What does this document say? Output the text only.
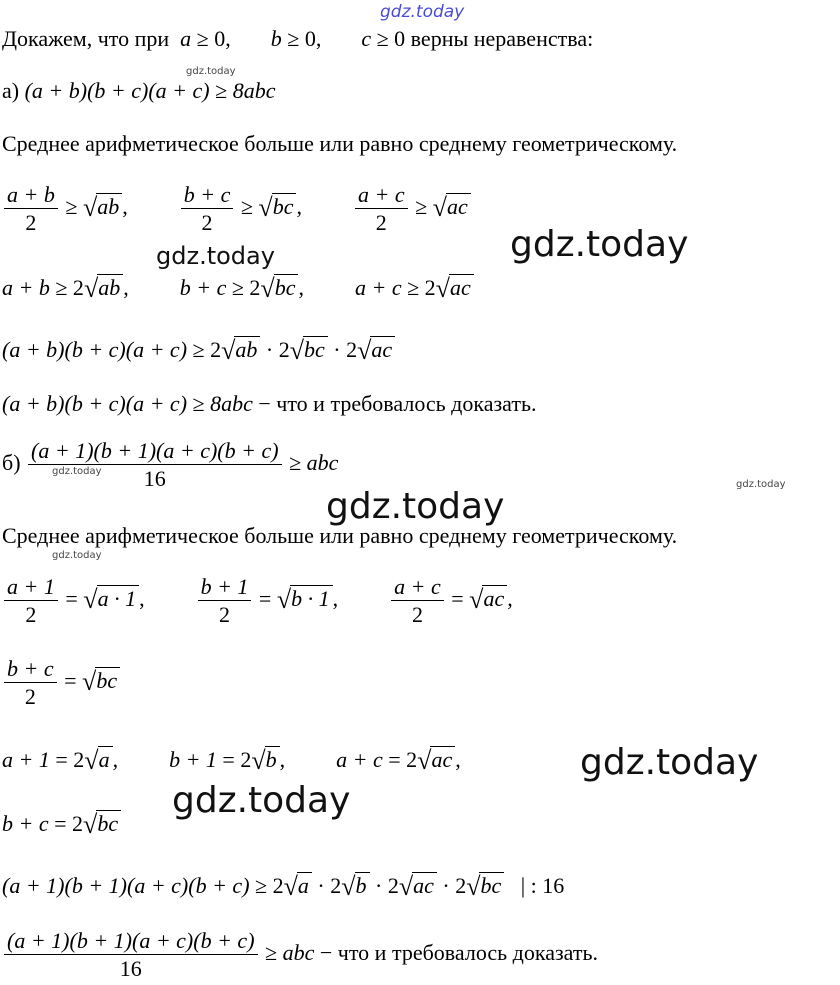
gdz.today
gdz.today
gdz.today	gdz.today
gdz.today
gdz.today
gdz.today
gdz.today
gdz.today
gdz.today
Докажем, что при a ≥ 0, b ≥ 0, c ≥ 0 верны неравенства:
а) (a + b)(b + c)(a + c) ≥ 8abc
Среднее арифметическое больше или равно среднему геометрическому.
$\frac{a + b}{2} \ge √ab$ , $\frac{b + c}{2} \ge √bc$ , $\frac{a + c}{2} \ge √ac$
a + b ≥ 2√ab ,  b + c ≥ 2√bc ,  a + c ≥ 2√ac
(a + b)(b + c)(a + c) ≥ 2√ab · 2√bc · 2√ac
(a + b)(b + c)(a + c) ≥ 8abc − что и требовалось доказать.
$б) \frac{(a + 1)(b + 1)(a + c)(b + c)}{16}$ ≥ abc
Среднее арифметическое больше или равно среднему геометрическому.
$\frac{a + 1}{2} = √a \cdot 1$ , $\frac{b + 1}{2} = √b \cdot 1$ , $\frac{a + c}{2} = √ac$ ,
$\frac{b + c}{2} = √bc$
a + 1 = 2√a ,  b + 1 = 2√b ,  a + c = 2√ac ,
b + c = 2√bc
(a + 1)(b + 1)(a + c)(b + c) ≥ 2√a · 2√b · 2√ac · 2√bc | : 16
$\frac{(a + 1)(b + 1)(a + c)(b + c)}{16}$ ≥ abc − что и требовалось доказать.
